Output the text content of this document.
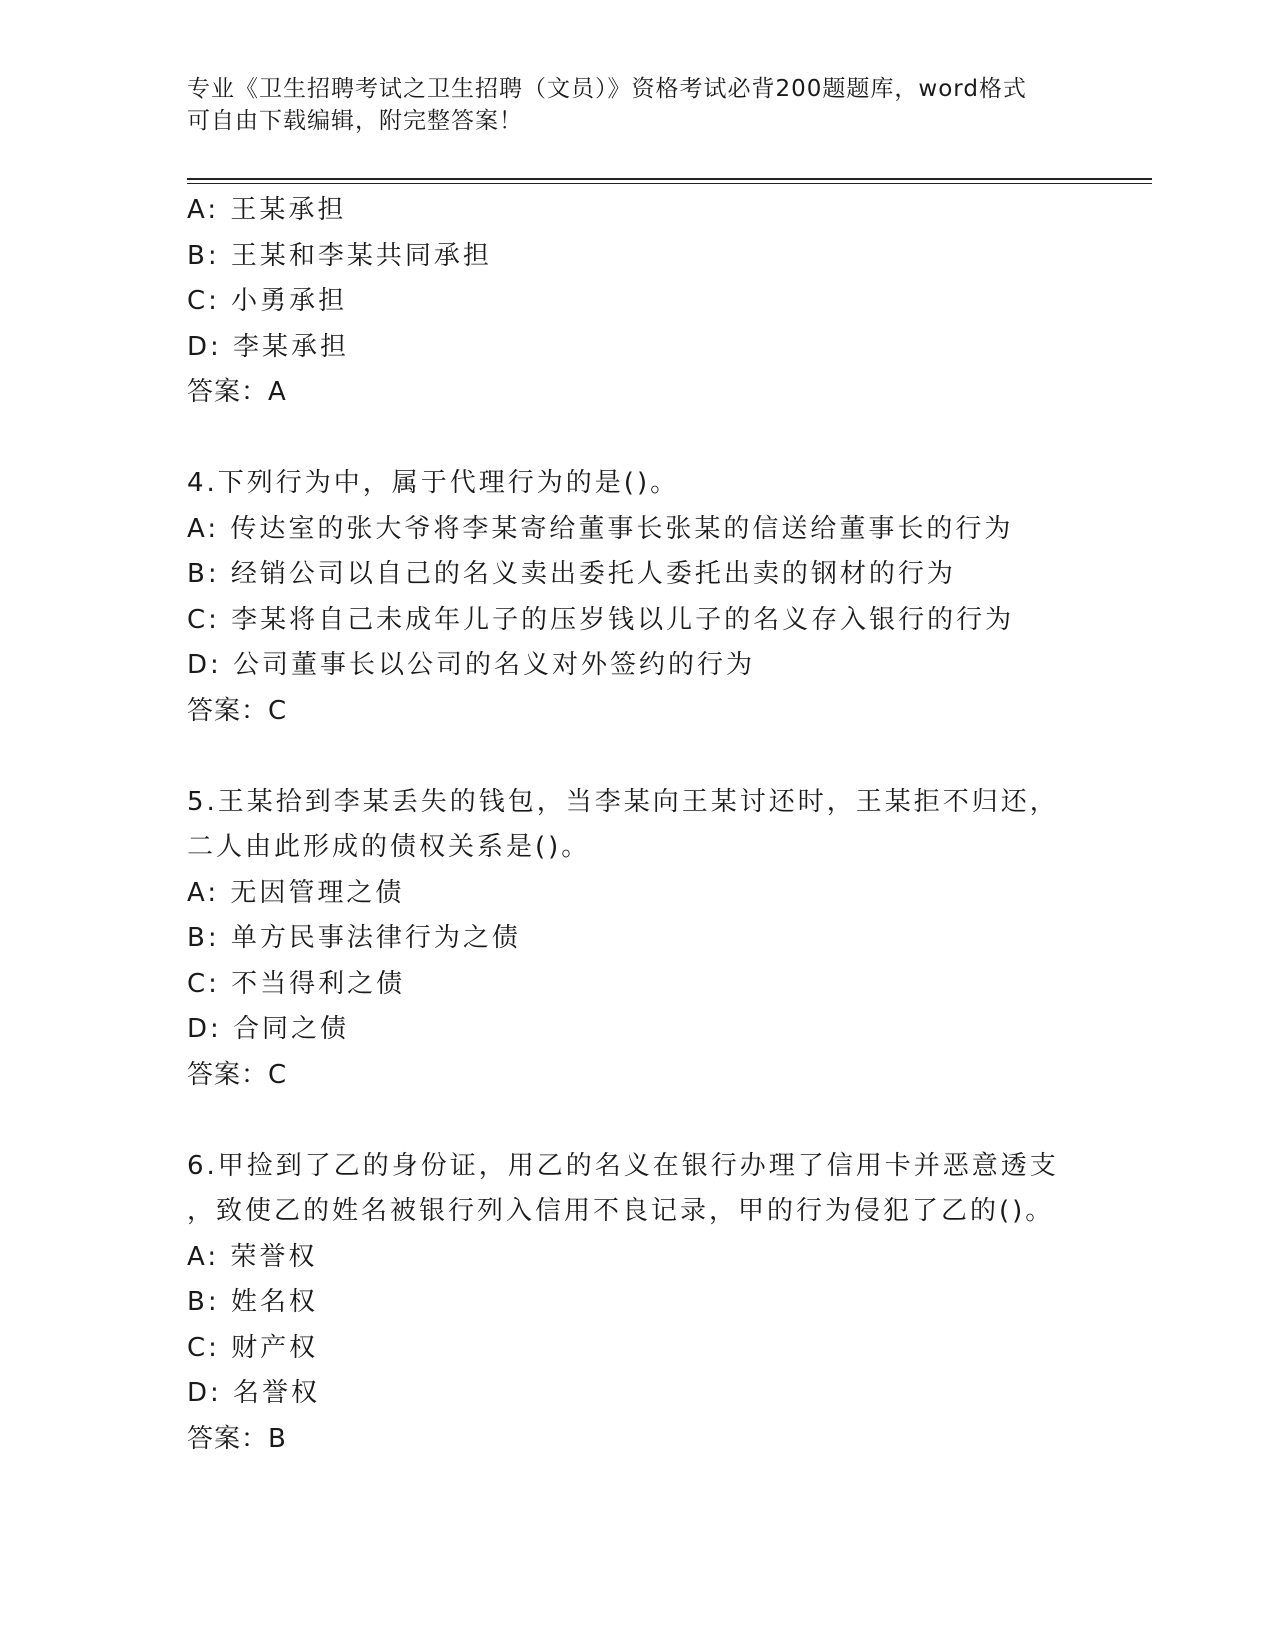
专业《卫生招聘考试之卫生招聘（文员）》资格考试必背200题题库，word格式
可自由下载编辑，附完整答案！
A: 王某承担
B: 王某和李某共同承担
C: 小勇承担
D: 李某承担
答案：A
4.下列行为中，属于代理行为的是()。
A: 传达室的张大爷将李某寄给董事长张某的信送给董事长的行为
B: 经销公司以自己的名义卖出委托人委托出卖的钢材的行为
C: 李某将自己未成年儿子的压岁钱以儿子的名义存入银行的行为
D: 公司董事长以公司的名义对外签约的行为
答案：C
5.王某拾到李某丢失的钱包，当李某向王某讨还时，王某拒不归还，
二人由此形成的债权关系是()。
A: 无因管理之债
B: 单方民事法律行为之债
C: 不当得利之债
D: 合同之债
答案：C
6.甲捡到了乙的身份证，用乙的名义在银行办理了信用卡并恶意透支
，致使乙的姓名被银行列入信用不良记录，甲的行为侵犯了乙的()。
A: 荣誉权
B: 姓名权
C: 财产权
D: 名誉权
答案：B
